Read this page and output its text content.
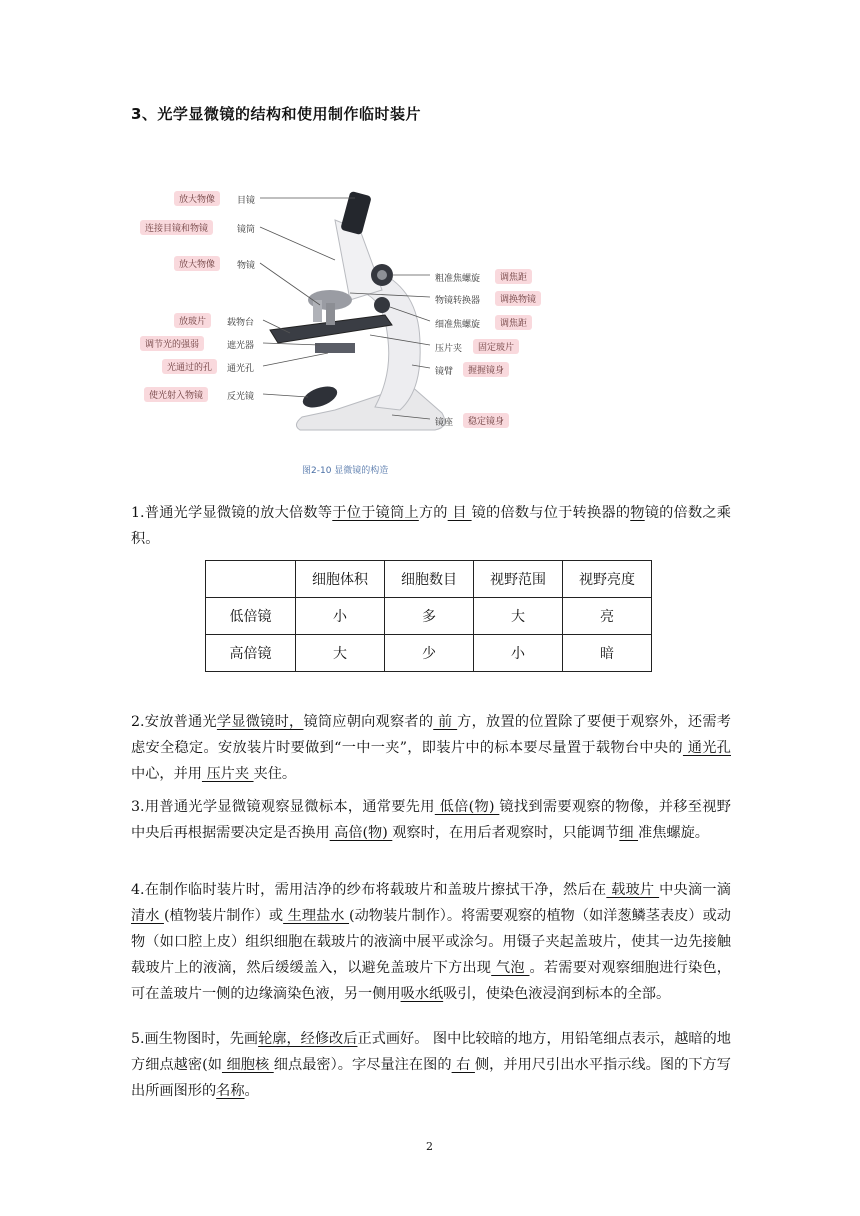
3、光学显微镜的结构和使用制作临时装片
放大物像	目镜
连接目镜和物镜	镜筒
放大物像	物镜
放玻片	载物台
调节光的强弱	遮光器
光通过的孔	通光孔
使光射入物镜	反光镜
粗准焦螺旋	调焦距
物镜转换器	调换物镜
细准焦螺旋	调焦距
压片夹	固定玻片
镜臂	握握镜身
镜座	稳定镜身
图2-10 显微镜的构造

1.普通光学显微镜的放大倍数等于位于镜筒上方的 目 镜的倍数与位于转换器的物镜的倍数之乘积。

	细胞体积	细胞数目	视野范围	视野亮度
低倍镜	小	多	大	亮
高倍镜	大	少	小	暗

2.安放普通光学显微镜时，镜筒应朝向观察者的 前 方，放置的位置除了要便于观察外，还需考虑安全稳定。安放装片时要做到“一中一夹”，即装片中的标本要尽量置于载物台中央的 通光孔 中心，并用 压片夹 夹住。

3.用普通光学显微镜观察显微标本，通常要先用 低倍(物) 镜找到需要观察的物像，并移至视野中央后再根据需要决定是否换用 高倍(物) 观察时，在用后者观察时，只能调节细 准焦螺旋。

4.在制作临时装片时，需用洁净的纱布将载玻片和盖玻片擦拭干净，然后在 载玻片 中央滴一滴 清水 (植物装片制作）或 生理盐水 (动物装片制作）。将需要观察的植物（如洋葱鳞茎表皮）或动物（如口腔上皮）组织细胞在载玻片的液滴中展平或涂匀。用镊子夹起盖玻片，使其一边先接触载玻片上的液滴，然后缓缓盖入，以避免盖玻片下方出现 气泡 。若需要对观察细胞进行染色，可在盖玻片一侧的边缘滴染色液，另一侧用吸水纸吸引，使染色液浸润到标本的全部。

5.画生物图时，先画轮廓，经修改后正式画好。 图中比较暗的地方，用铅笔细点表示，越暗的地方细点越密(如 细胞核 细点最密）。字尽量注在图的 右 侧，并用尺引出水平指示线。图的下方写出所画图形的名称。

2
